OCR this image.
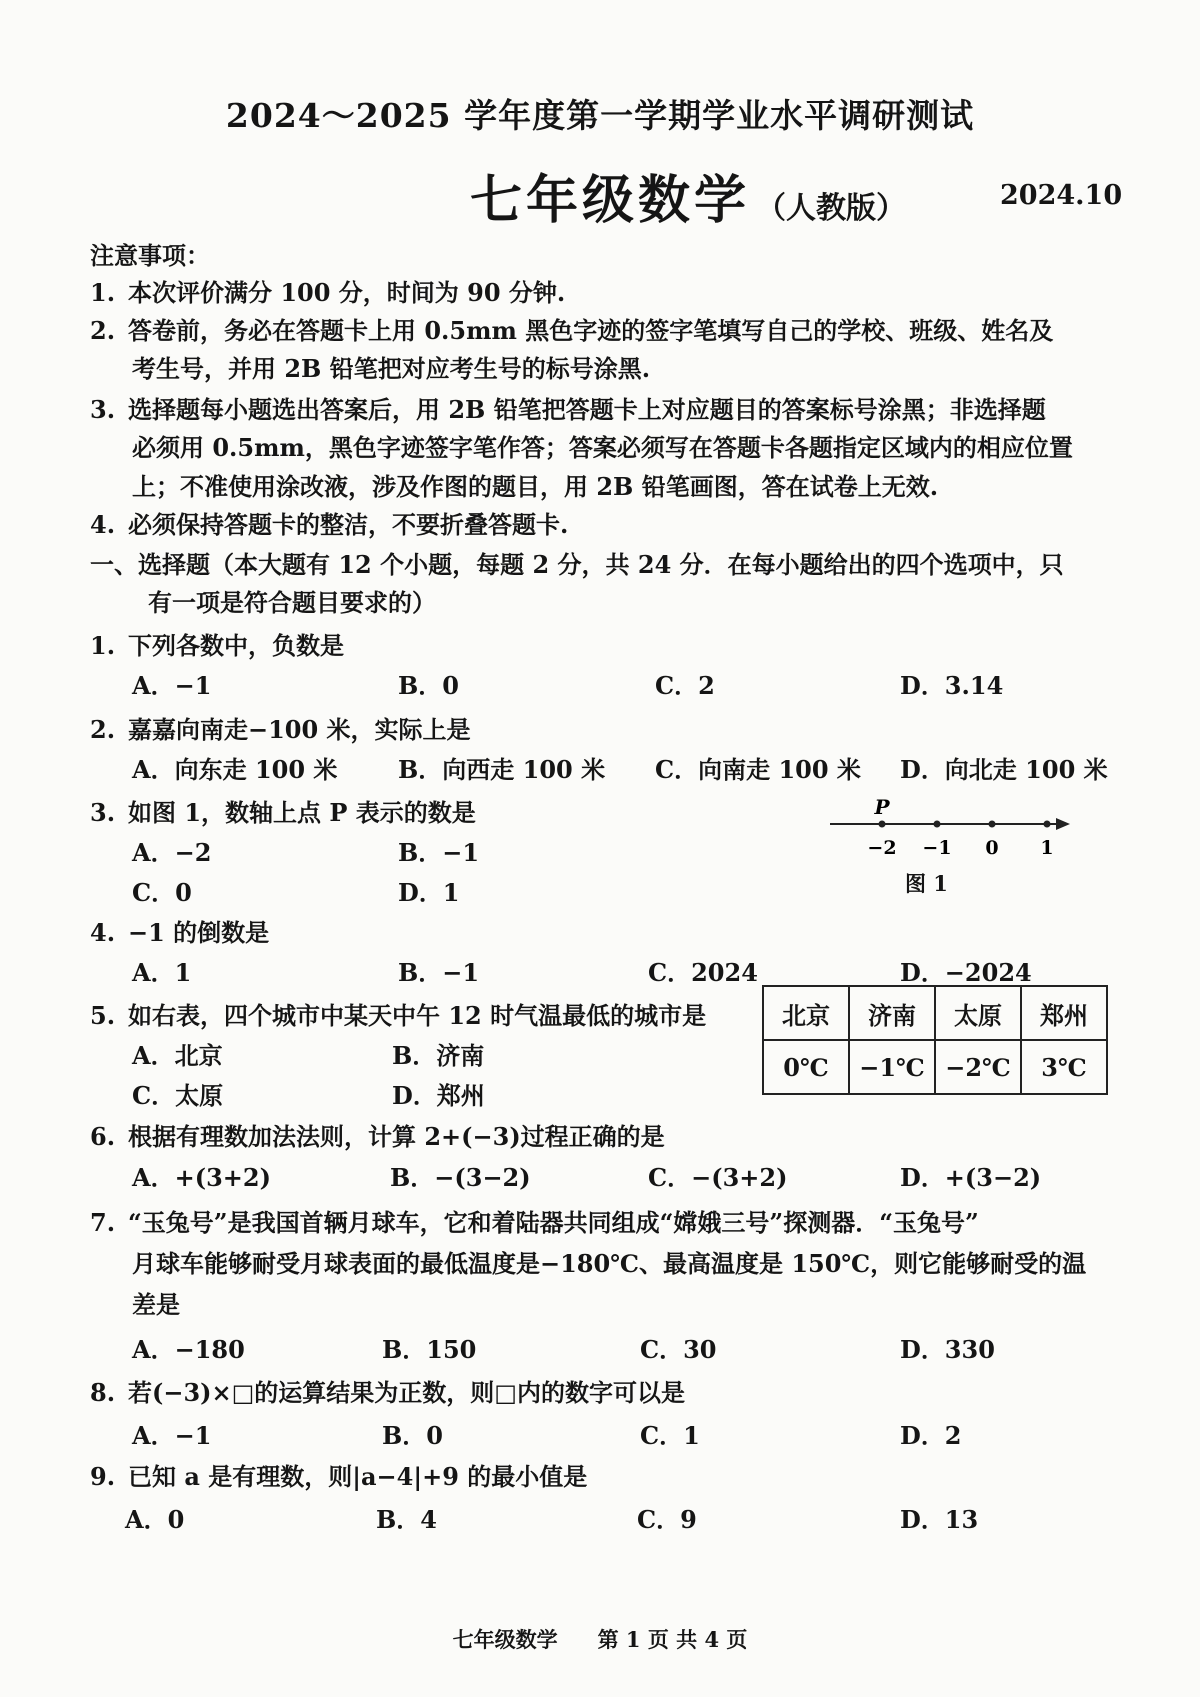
2024～2025 学年度第一学期学业水平调研测试
七年级数学 （人教版）	2024.10
注意事项：
1. 本次评价满分 100 分，时间为 90 分钟.
2. 答卷前，务必在答题卡上用 0.5mm 黑色字迹的签字笔填写自己的学校、班级、姓名及
考生号，并用 2B 铅笔把对应考生号的标号涂黑.
3. 选择题每小题选出答案后，用 2B 铅笔把答题卡上对应题目的答案标号涂黑；非选择题
必须用 0.5mm，黑色字迹签字笔作答；答案必须写在答题卡各题指定区域内的相应位置
上；不准使用涂改液，涉及作图的题目，用 2B 铅笔画图，答在试卷上无效.
4. 必须保持答题卡的整洁，不要折叠答题卡.
一、选择题（本大题有 12 个小题，每题 2 分，共 24 分．在每小题给出的四个选项中，只
有一项是符合题目要求的）
1. 下列各数中，负数是
A．−1	B．0	C．2	D．3.14
2. 嘉嘉向南走−100 米，实际上是
A．向东走 100 米	B．向西走 100 米 C．向南走 100 米 D．向北走 100 米
3. 如图 1，数轴上点 P 表示的数是
A．−2	B．−1
C．0	D．1
−2 −1 0 1
P
图 1
4. −1 的倒数是
A．1	B．−1	C．2024	D．−2024
5. 如右表，四个城市中某天中午 12 时气温最低的城市是
A．北京	B．济南
C．太原	D．郑州
北京	济南	太原	郑州
0℃	−1℃	−2℃	3℃
6. 根据有理数加法法则，计算 2+(−3)过程正确的是
A．+(3+2)	B．−(3−2)	C．−(3+2)	D．+(3−2)
7. “玉兔号”是我国首辆月球车，它和着陆器共同组成“嫦娥三号”探测器．“玉兔号”
月球车能够耐受月球表面的最低温度是−180℃、最高温度是 150℃，则它能够耐受的温
差是
A．−180	B．150	C．30	D．330
8. 若(−3)×□的运算结果为正数，则□内的数字可以是
A．−1	B．0	C．1	D．2
9. 已知 a 是有理数，则|a−4|+9 的最小值是
A．0	B．4	C．9	D．13
七年级数学 第 1 页 共 4 页
